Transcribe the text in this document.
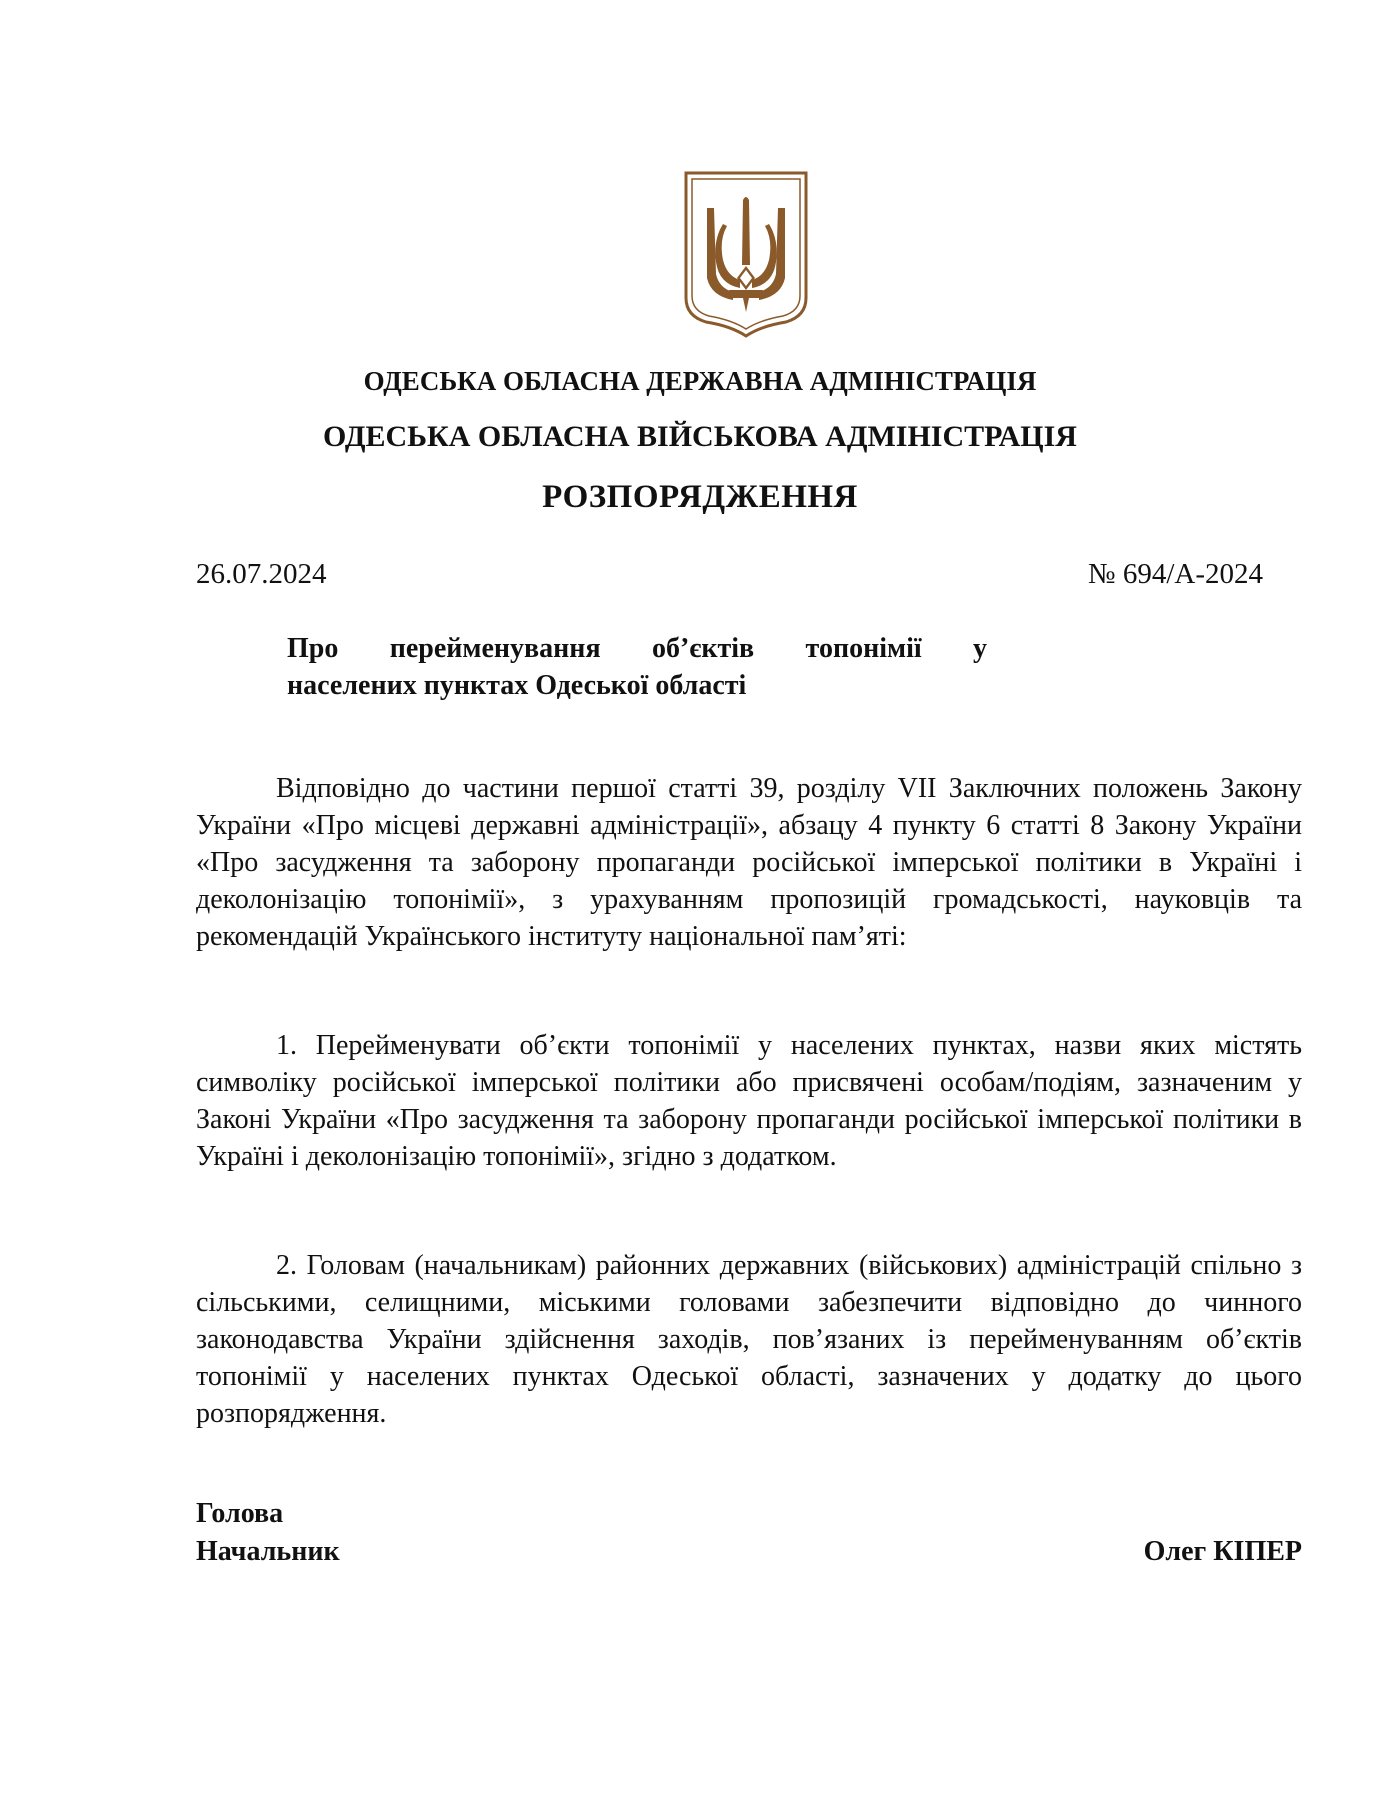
ОДЕСЬКА ОБЛАСНА ДЕРЖАВНА АДМІНІСТРАЦІЯ
ОДЕСЬКА ОБЛАСНА ВІЙСЬКОВА АДМІНІСТРАЦІЯ
РОЗПОРЯДЖЕННЯ
26.07.2024	№ 694/А-2024
Про перейменування об’єктів топонімії у
населених пунктах Одеської області

Відповідно до частини першої статті 39, розділу VII Заключних положень Закону України «Про місцеві державні адміністрації», абзацу 4 пункту 6 статті 8 Закону України «Про засудження та заборону пропаганди російської імперської політики в Україні і деколонізацію топонімії», з урахуванням пропозицій громадськості, науковців та рекомендацій Українського інституту національної пам’яті:

1. Перейменувати об’єкти топонімії у населених пунктах, назви яких містять символіку російської імперської політики або присвячені особам/подіям, зазначеним у Законі України «Про засудження та заборону пропаганди російської імперської політики в Україні і деколонізацію топонімії», згідно з додатком.

2. Головам (начальникам) районних державних (військових) адміністрацій спільно з сільськими, селищними, міськими головами забезпечити відповідно до чинного законодавства України здійснення заходів, пов’язаних із перейменуванням об’єктів топонімії у населених пунктах Одеської області, зазначених у додатку до цього розпорядження.

Голова
Начальник	Олег КІПЕР
